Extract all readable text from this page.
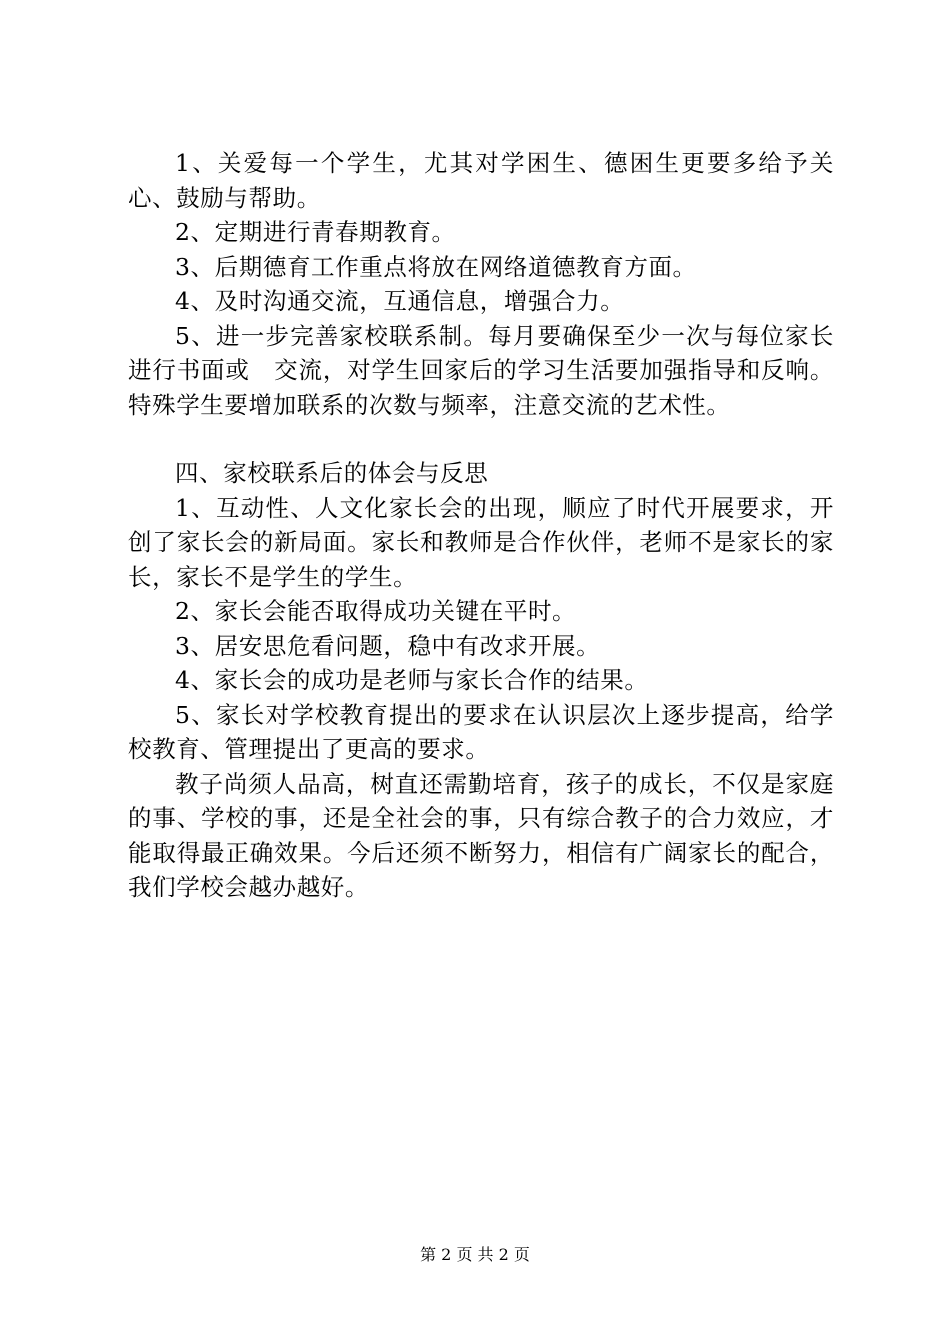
1、关爱每一个学生，尤其对学困生、德困生更要多给予关心、鼓励与帮助。

2、定期进行青春期教育。

3、后期德育工作重点将放在网络道德教育方面。

4、及时沟通交流，互通信息，增强合力。

5、进一步完善家校联系制。每月要确保至少一次与每位家长进行书面或　交流，对学生回家后的学习生活要加强指导和反响。特殊学生要增加联系的次数与频率，注意交流的艺术性。

四、家校联系后的体会与反思

1、互动性、人文化家长会的出现，顺应了时代开展要求，开创了家长会的新局面。家长和教师是合作伙伴，老师不是家长的家长，家长不是学生的学生。

2、家长会能否取得成功关键在平时。

3、居安思危看问题，稳中有改求开展。

4、家长会的成功是老师与家长合作的结果。

5、家长对学校教育提出的要求在认识层次上逐步提高，给学校教育、管理提出了更高的要求。

教子尚须人品高，树直还需勤培育，孩子的成长，不仅是家庭的事、学校的事，还是全社会的事，只有综合教子的合力效应，才能取得最正确效果。今后还须不断努力，相信有广阔家长的配合，我们学校会越办越好。

第 2 页 共 2 页
